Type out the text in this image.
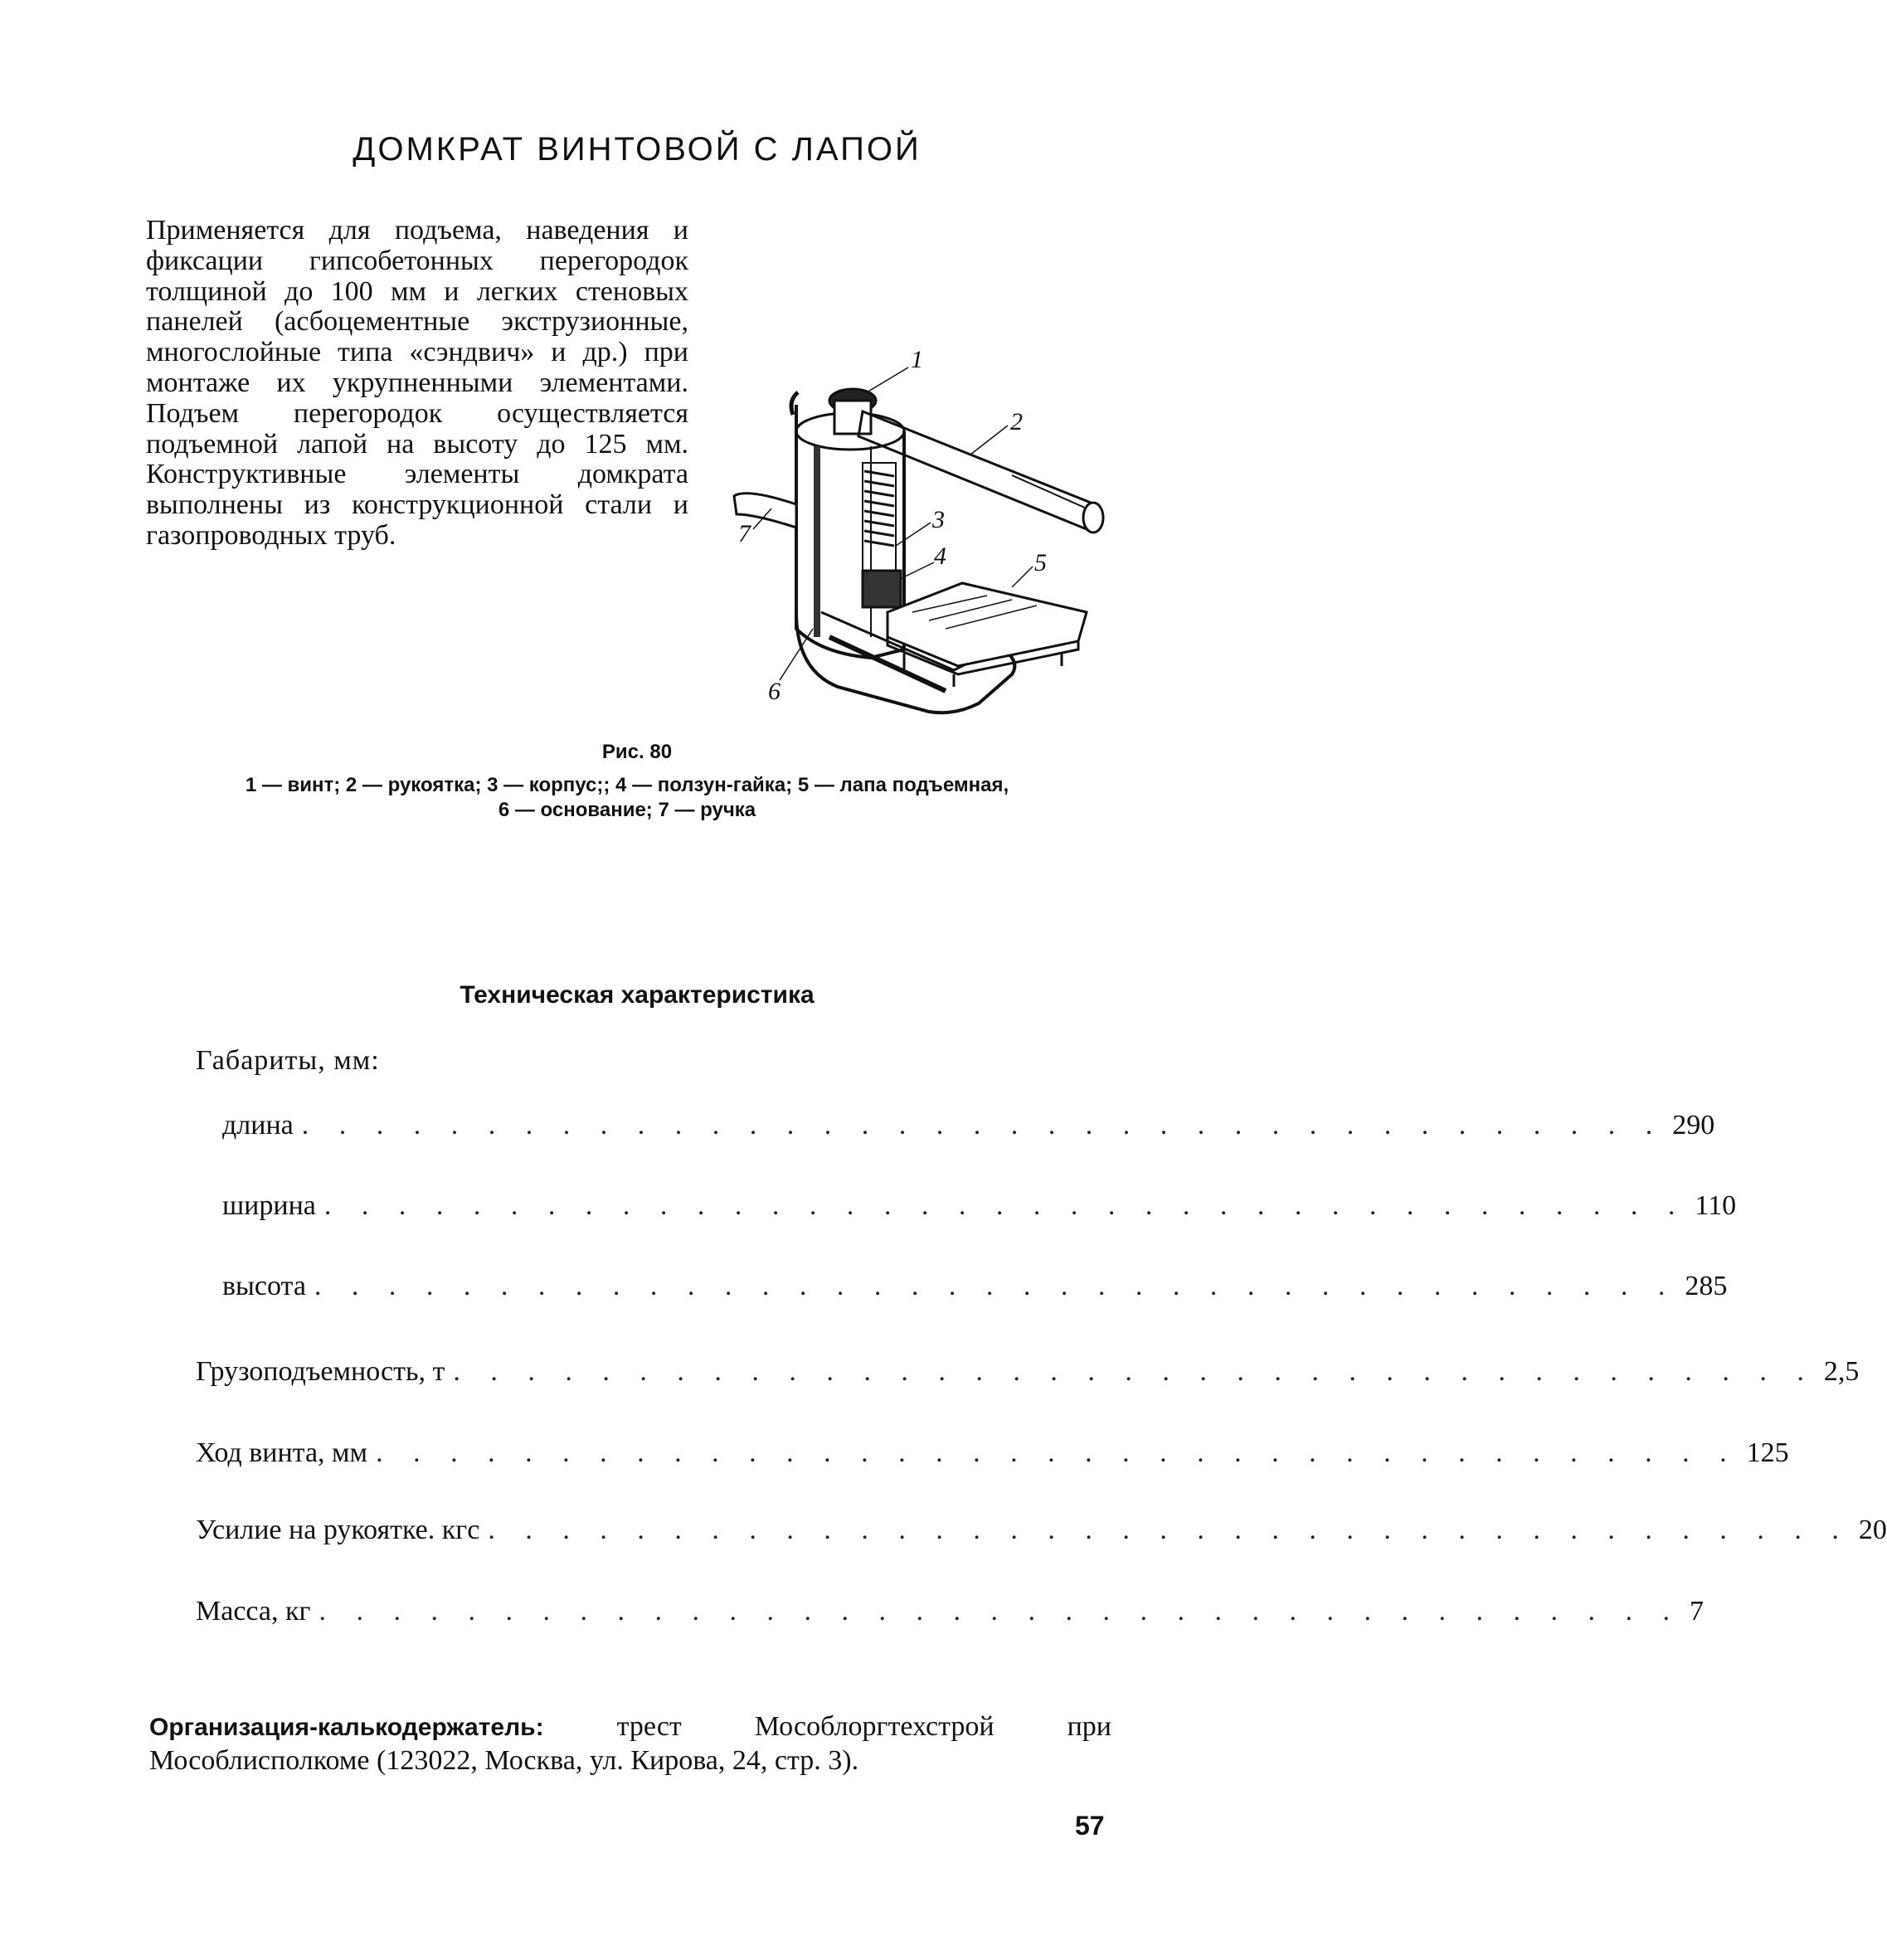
ДОМКРАТ ВИНТОВОЙ С ЛАПОЙ
Применяется для подъема, наведения и фиксации гипсобетонных перегородок толщиной до 100 мм и легких стеновых панелей (асбоцементные экструзионные, многослойные типа «сэндвич» и др.) при монтаже их укрупненными элементами. Подъем перегородок осуществляется подъемной лапой на высоту до 125 мм. Конструктивные элементы домкрата выполнены из конструкционной стали и газопроводных труб.
1
2
3
4	5
6
7
Рис. 80
1 — винт; 2 — рукоятка; 3 — корпус;; 4 — ползун-гайка; 5 — лапа подъемная,
6 — основание; 7 — ручка
Техническая характеристика
Габариты, мм:
длина . . . . . . . . . . . . . . . . . . . . . . . . . . . . . . . . . . . . . 290
ширина . . . . . . . . . . . . . . . . . . . . . . . . . . . . . . . . . . . . . 110
высота . . . . . . . . . . . . . . . . . . . . . . . . . . . . . . . . . . . . . 285
Грузоподъемность, т . . . . . . . . . . . . . . . . . . . . . . . . . . . . . . . . . . . . . 2,5
Ход винта, мм . . . . . . . . . . . . . . . . . . . . . . . . . . . . . . . . . . . . . 125
Усилие на рукоятке. кгс . . . . . . . . . . . . . . . . . . . . . . . . . . . . . . . . . . . . . 20
Масса, кг . . . . . . . . . . . . . . . . . . . . . . . . . . . . . . . . . . . . . 7
Организация-калькодержатель:	трест Мособлоргтехстрой при Мособлисполкоме (123022, Москва, ул. Кирова, 24, стр. 3).
57
